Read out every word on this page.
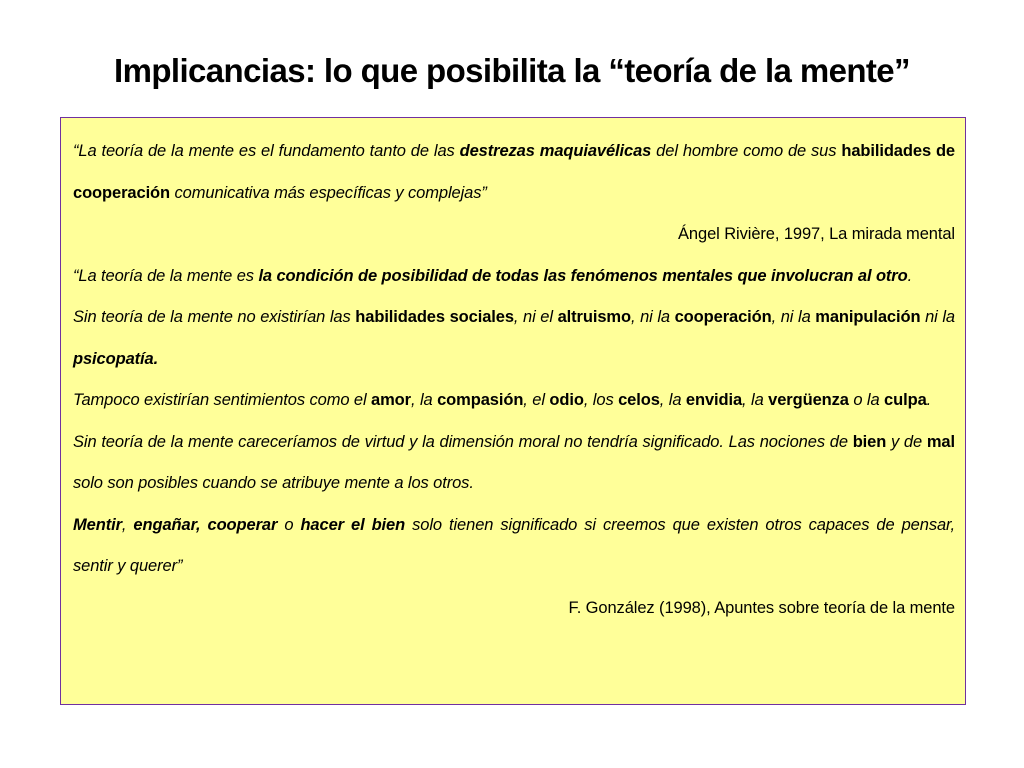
Implicancias: lo que posibilita la “teoría de la mente”

“La teoría de la mente es el fundamento tanto de las destrezas maquiavélicas del hombre como de sus habilidades de cooperación comunicativa más específicas y complejas”

Ángel Rivière, 1997, La mirada mental

“La teoría de la mente es la condición de posibilidad de todas las fenómenos mentales que involucran al otro.

Sin teoría de la mente no existirían las habilidades sociales, ni el altruismo, ni la cooperación, ni la manipulación ni la psicopatía.

Tampoco existirían sentimientos como el amor, la compasión, el odio, los celos, la envidia, la vergüenza o la culpa.

Sin teoría de la mente careceríamos de virtud y la dimensión moral no tendría significado. Las nociones de bien y de mal solo son posibles cuando se atribuye mente a los otros.

Mentir, engañar, cooperar o hacer el bien solo tienen significado si creemos que existen otros capaces de pensar, sentir y querer”

F. González (1998), Apuntes sobre teoría de la mente
